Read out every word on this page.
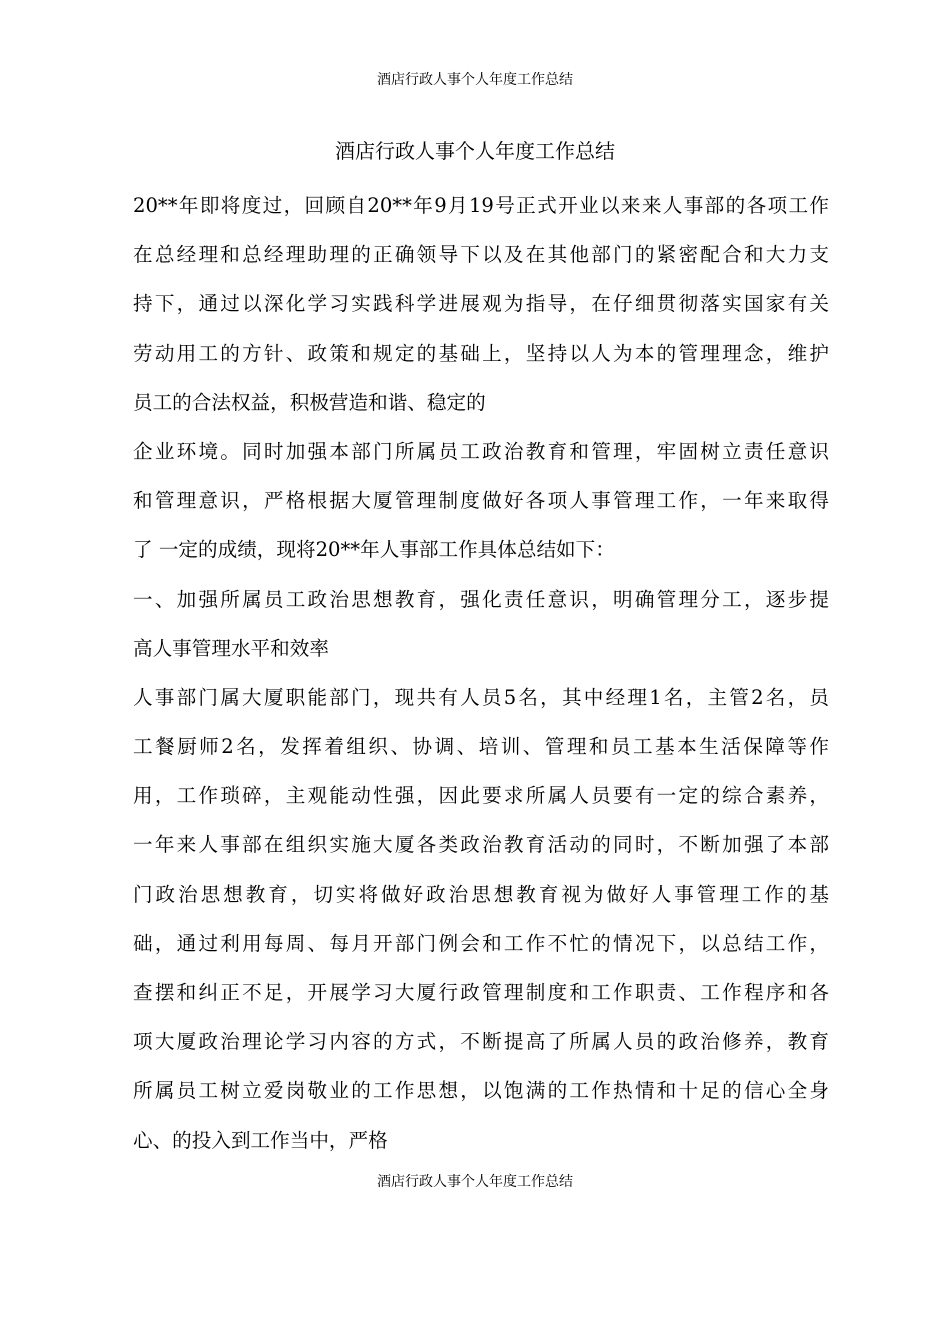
酒店行政人事个人年度工作总结
酒店行政人事个人年度工作总结
20**年即将度过，回顾自20**年9月19号正式开业以来来人事部的各项工作
在总经理和总经理助理的正确领导下以及在其他部门的紧密配合和大力支
持下，通过以深化学习实践科学进展观为指导，在仔细贯彻落实国家有关
劳动用工的方针、政策和规定的基础上，坚持以人为本的管理理念，维护
员工的合法权益，积极营造和谐、稳定的
企业环境。同时加强本部门所属员工政治教育和管理，牢固树立责任意识
和管理意识，严格根据大厦管理制度做好各项人事管理工作，一年来取得
了 一定的成绩，现将20**年人事部工作具体总结如下：
一、加强所属员工政治思想教育，强化责任意识，明确管理分工，逐步提
高人事管理水平和效率
人事部门属大厦职能部门，现共有人员5名，其中经理1名，主管2名，员
工餐厨师2名，发挥着组织、协调、培训、管理和员工基本生活保障等作
用，工作琐碎，主观能动性强，因此要求所属人员要有一定的综合素养，
一年来人事部在组织实施大厦各类政治教育活动的同时，不断加强了本部
门政治思想教育，切实将做好政治思想教育视为做好人事管理工作的基
础，通过利用每周、每月开部门例会和工作不忙的情况下，以总结工作，
查摆和纠正不足，开展学习大厦行政管理制度和工作职责、工作程序和各
项大厦政治理论学习内容的方式，不断提高了所属人员的政治修养，教育
所属员工树立爱岗敬业的工作思想，以饱满的工作热情和十足的信心全身
心、的投入到工作当中，严格
酒店行政人事个人年度工作总结
